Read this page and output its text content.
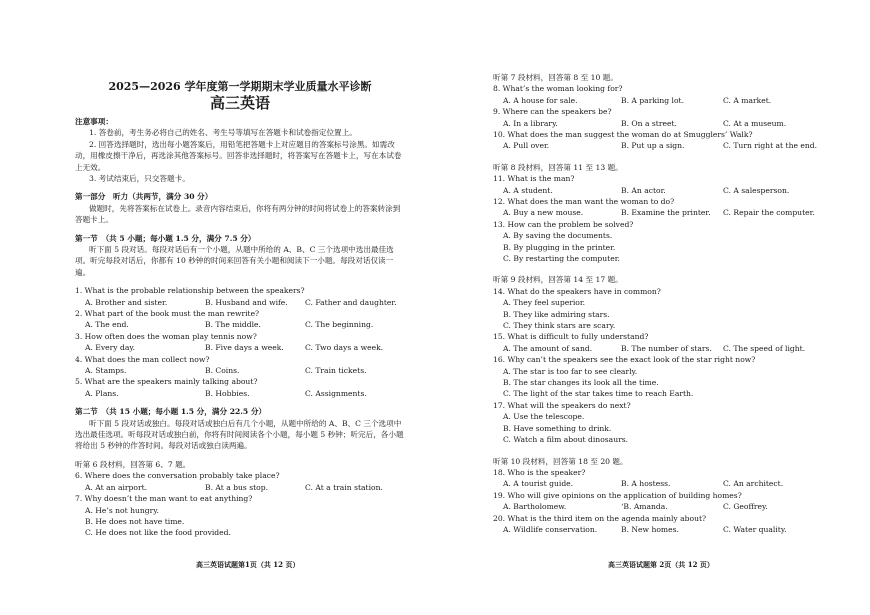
2025—2026 学年度第一学期期末学业质量水平诊断
高三英语
注意事项：
1. 答卷前，考生务必将自己的姓名、考生号等填写在答题卡和试卷指定位置上。
2. 回答选择题时，选出每小题答案后，用铅笔把答题卡上对应题目的答案标号涂黑。如需改动，用橡皮擦干净后，再选涂其他答案标号。回答非选择题时，将答案写在答题卡上，写在本试卷上无效。
3. 考试结束后，只交答题卡。
第一部分　听力（共两节，满分 30 分）
做题时，先将答案标在试卷上。录音内容结束后，你将有两分钟的时间将试卷上的答案转涂到答题卡上。
第一节　（共 5 小题；每小题 1.5 分，满分 7.5 分）
听下面 5 段对话。每段对话后有一个小题，从题中所给的 A、B、C 三个选项中选出最佳选项。听完每段对话后，你都有 10 秒钟的时间来回答有关小题和阅读下一小题。每段对话仅读一遍。
1. What is the probable relationship between the speakers?
A. Brother and sister.	B. Husband and wife. C. Father and daughter.
2. What part of the book must the man rewrite?
A. The end.	B. The middle.	C. The beginning.
3. How often does the woman play tennis now?
A. Every day.	B. Five days a week.	C. Two days a week.
4. What does the man collect now?
A. Stamps.	B. Coins.	C. Train tickets.
5. What are the speakers mainly talking about?
A. Plans.	B. Hobbies.	C. Assignments.
第二节　（共 15 小题；每小题 1.5 分，满分 22.5 分）
听下面 5 段对话或独白。每段对话或独白后有几个小题，从题中所给的 A、B、C 三个选项中选出最佳选项。听每段对话或独白前，你将有时间阅读各个小题，每小题 5 秒钟；听完后，各小题将给出 5 秒钟的作答时间。每段对话或独白读两遍。
听第 6 段材料，回答第 6、7 题。
6. Where does the conversation probably take place?
A. At an airport.	B. At a bus stop.	C. At a train station.
7. Why doesn’t the man want to eat anything?
A. He’s not hungry.
B. He does not have time.
C. He does not like the food provided.
听第 7 段材料，回答第 8 至 10 题。
8. What’s the woman looking for?
A. A house for sale.	B. A parking lot.	C. A market.
9. Where can the speakers be?
A. In a library.	B. On a street.	C. At a museum.
10. What does the man suggest the woman do at Smugglers’ Walk?
A. Pull over.	B. Put up a sign.	C. Turn right at the end.
听第 8 段材料，回答第 11 至 13 题。
11. What is the man?
A. A student.	B. An actor.	C. A salesperson.
12. What does the man want the woman to do?
A. Buy a new mouse.	B. Examine the printer. C. Repair the computer.
13. How can the problem be solved?
A. By saving the documents.
B. By plugging in the printer.
C. By restarting the computer.
听第 9 段材料，回答第 14 至 17 题。
14. What do the speakers have in common?
A. They feel superior.
B. They like admiring stars.
C. They think stars are scary.
15. What is difficult to fully understand?
A. The amount of sand.	B. The number of stars. C. The speed of light.
16. Why can’t the speakers see the exact look of the star right now?
A. The star is too far to see clearly.
B. The star changes its look all the time.
C. The light of the star takes time to reach Earth.
17. What will the speakers do next?
A. Use the telescope.
B. Have something to drink.
C. Watch a film about dinosaurs.
听第 10 段材料，回答第 18 至 20 题。
18. Who is the speaker?
A. A tourist guide.	B. A hostess.	C. An architect.
19. Who will give opinions on the application of building homes?
A. Bartholomew.	‘B. Amanda.	C. Geoffrey.
20. What is the third item on the agenda mainly about?
A. Wildlife conservation.	B. New homes.	C. Water quality.
高三英语试题第1页（共 12 页）	高三英语试题第 2页（共 12 页）
